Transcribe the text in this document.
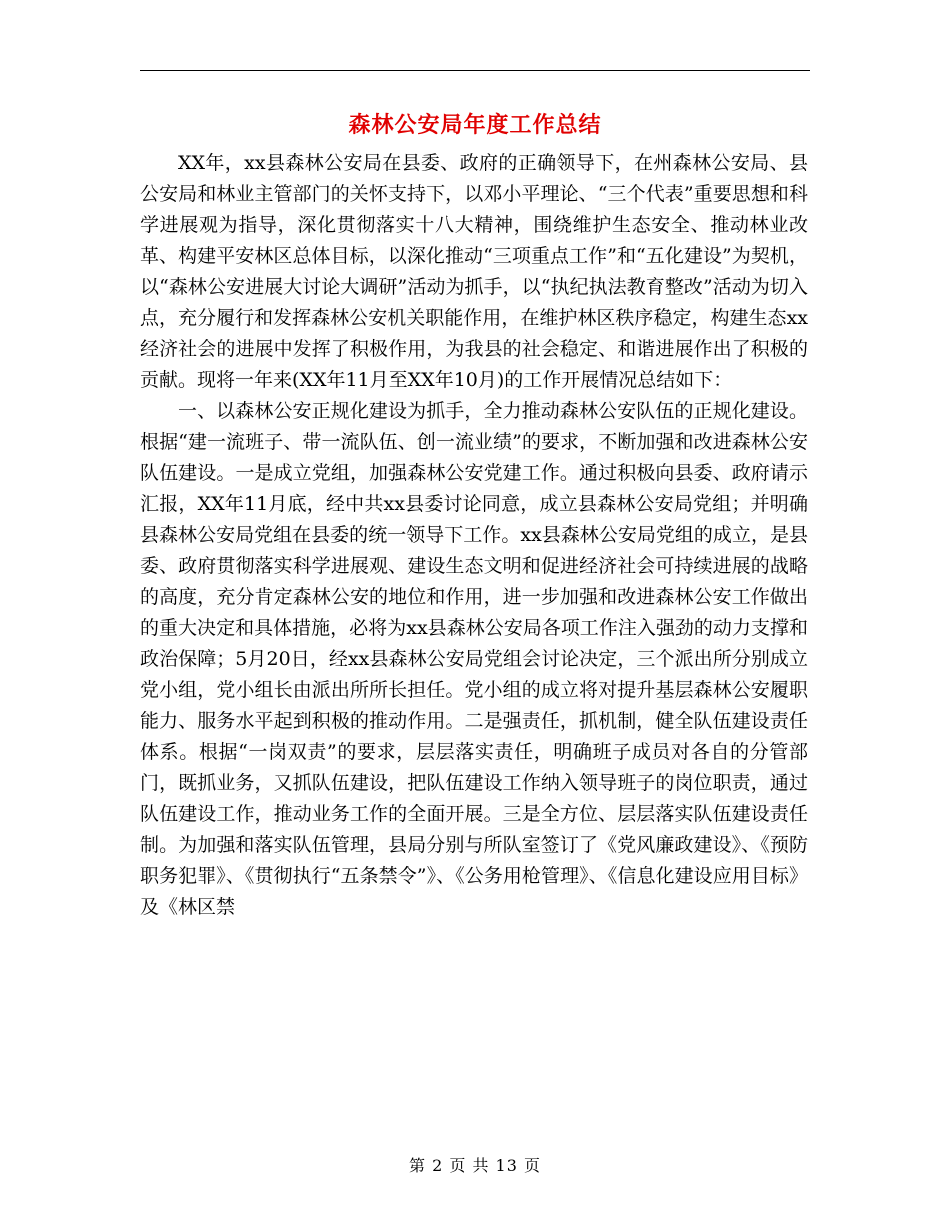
森林公安局年度工作总结

XX年，xx县森林公安局在县委、政府的正确领导下，在州森林公安局、县公安局和林业主管部门的关怀支持下，以邓小平理论、“三个代表”重要思想和科学进展观为指导，深化贯彻落实十八大精神，围绕维护生态安全、推动林业改革、构建平安林区总体目标，以深化推动“三项重点工作”和“五化建设”为契机，以“森林公安进展大讨论大调研”活动为抓手，以“执纪执法教育整改”活动为切入点，充分履行和发挥森林公安机关职能作用，在维护林区秩序稳定，构建生态xx经济社会的进展中发挥了积极作用，为我县的社会稳定、和谐进展作出了积极的贡献。现将一年来(XX年11月至XX年10月)的工作开展情况总结如下：

一、以森林公安正规化建设为抓手，全力推动森林公安队伍的正规化建设。根据“建一流班子、带一流队伍、创一流业绩”的要求，不断加强和改进森林公安队伍建设。一是成立党组，加强森林公安党建工作。通过积极向县委、政府请示汇报，XX年11月底，经中共xx县委讨论同意，成立县森林公安局党组；并明确县森林公安局党组在县委的统一领导下工作。xx县森林公安局党组的成立，是县委、政府贯彻落实科学进展观、建设生态文明和促进经济社会可持续进展的战略的高度，充分肯定森林公安的地位和作用，进一步加强和改进森林公安工作做出的重大决定和具体措施，必将为xx县森林公安局各项工作注入强劲的动力支撑和政治保障；5月20日，经xx县森林公安局党组会讨论决定，三个派出所分别成立党小组，党小组长由派出所所长担任。党小组的成立将对提升基层森林公安履职能力、服务水平起到积极的推动作用。二是强责任，抓机制，健全队伍建设责任体系。根据“一岗双责”的要求，层层落实责任，明确班子成员对各自的分管部门，既抓业务，又抓队伍建设，把队伍建设工作纳入领导班子的岗位职责，通过队伍建设工作，推动业务工作的全面开展。三是全方位、层层落实队伍建设责任制。为加强和落实队伍管理，县局分别与所队室签订了《党风廉政建设》、《预防职务犯罪》、《贯彻执行“五条禁令”》、《公务用枪管理》、《信息化建设应用目标》及《林区禁

第 2 页 共 13 页
